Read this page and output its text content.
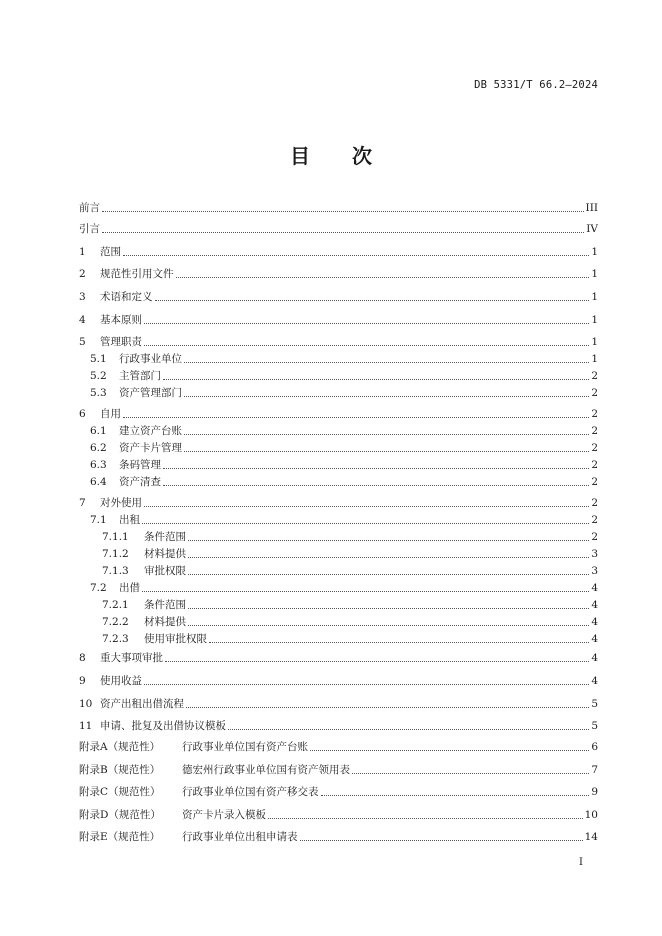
DB 5331/T 66.2—2024
目 次
前言	III
引言	IV
1	范围	1
2	规范性引用文件	1
3	术语和定义	1
4	基本原则	1
5	管理职责	1
5.1	行政事业单位	1
5.2	主管部门	2
5.3	资产管理部门	2
6	自用	2
6.1	建立资产台账	2
6.2	资产卡片管理	2
6.3	条码管理	2
6.4	资产清查	2
7	对外使用	2
7.1	出租	2
7.1.1	条件范围	2
7.1.2	材料提供	3
7.1.3	审批权限	3
7.2	出借	4
7.2.1	条件范围	4
7.2.2	材料提供	4
7.2.3	使用审批权限	4
8	重大事项审批	4
9	使用收益	4
10 资产出租出借流程	5
11 申请、批复及出借协议模板	5
附录A（规范性）	行政事业单位国有资产台账	6
附录B（规范性）	德宏州行政事业单位国有资产领用表	7
附录C（规范性）	行政事业单位国有资产移交表	9
附录D（规范性）	资产卡片录入模板	10
附录E（规范性）	行政事业单位出租申请表	14
I
